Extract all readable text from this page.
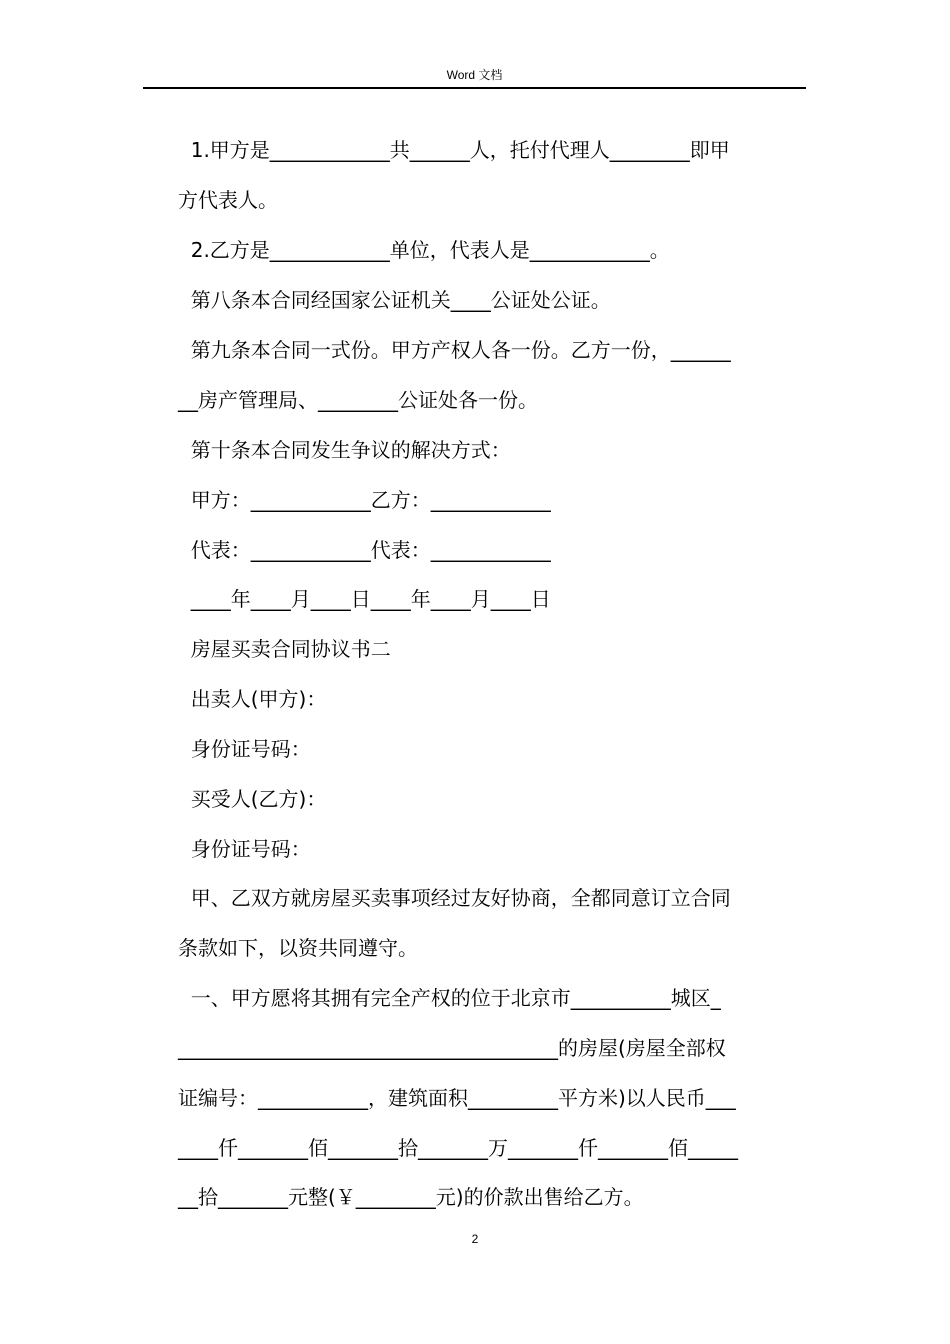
Word 文档
1.甲方是____________共______人，托付代理人________即甲
方代表人。
2.乙方是____________单位，代表人是____________。
第八条本合同经国家公证机关____公证处公证。
第九条本合同一式份。甲方产权人各一份。乙方一份，______
__房产管理局、________公证处各一份。
第十条本合同发生争议的解决方式：
甲方：____________乙方：____________
代表：____________代表：____________
____年____月____日____年____月____日
房屋买卖合同协议书二
出卖人(甲方)：
身份证号码：
买受人(乙方)：
身份证号码：
甲、乙双方就房屋买卖事项经过友好协商，全都同意订立合同
条款如下，以资共同遵守。
一、甲方愿将其拥有完全产权的位于北京市__________城区_
______________________________________的房屋(房屋全部权
证编号：___________，建筑面积_________平方米)以人民币___
____仟_______佰_______拾_______万_______仟_______佰_____
__拾_______元整(￥________元)的价款出售给乙方。
2
